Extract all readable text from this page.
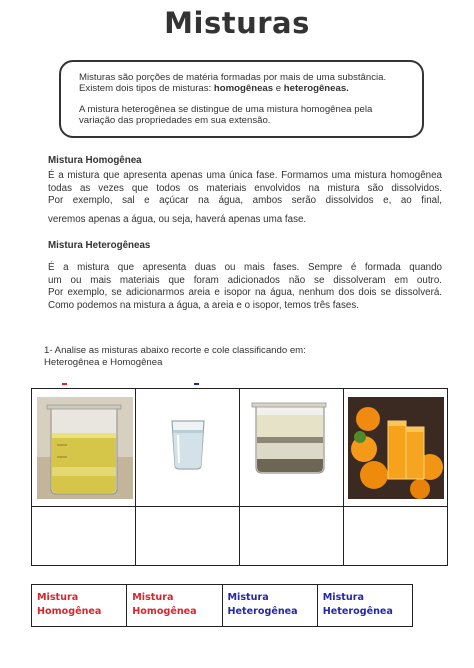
Misturas

Misturas são porções de matéria formadas por mais de uma substância. Existem dois tipos de misturas: homogêneas e heterogêneas.

A mistura heterogênea se distingue de uma mistura homogênea pela variação das propriedades em sua extensão.

Mistura Homogênea
É a mistura que apresenta apenas uma única fase. Formamos uma mistura homogênea
todas as vezes que todos os materiais envolvidos na mistura são dissolvidos.
Por exemplo, sal e açúcar na água, ambos serão dissolvidos e, ao final,
veremos apenas a água, ou seja, haverá apenas uma fase.
Mistura Heterogêneas
É a mistura que apresenta duas ou mais fases. Sempre é formada quando
um ou mais materiais que foram adicionados não se dissolveram em outro.
Por exemplo, se adicionarmos areia e isopor na água, nenhum dos dois se dissolverá.
Como podemos na mistura a água, a areia e o isopor, temos três fases.
1- Analise as misturas abaixo recorte e cole classificando em:
Heterogênea e Homogênea

Mistura
Homogênea
Mistura
Homogênea
Mistura
Heterogênea
Mistura
Heterogênea
